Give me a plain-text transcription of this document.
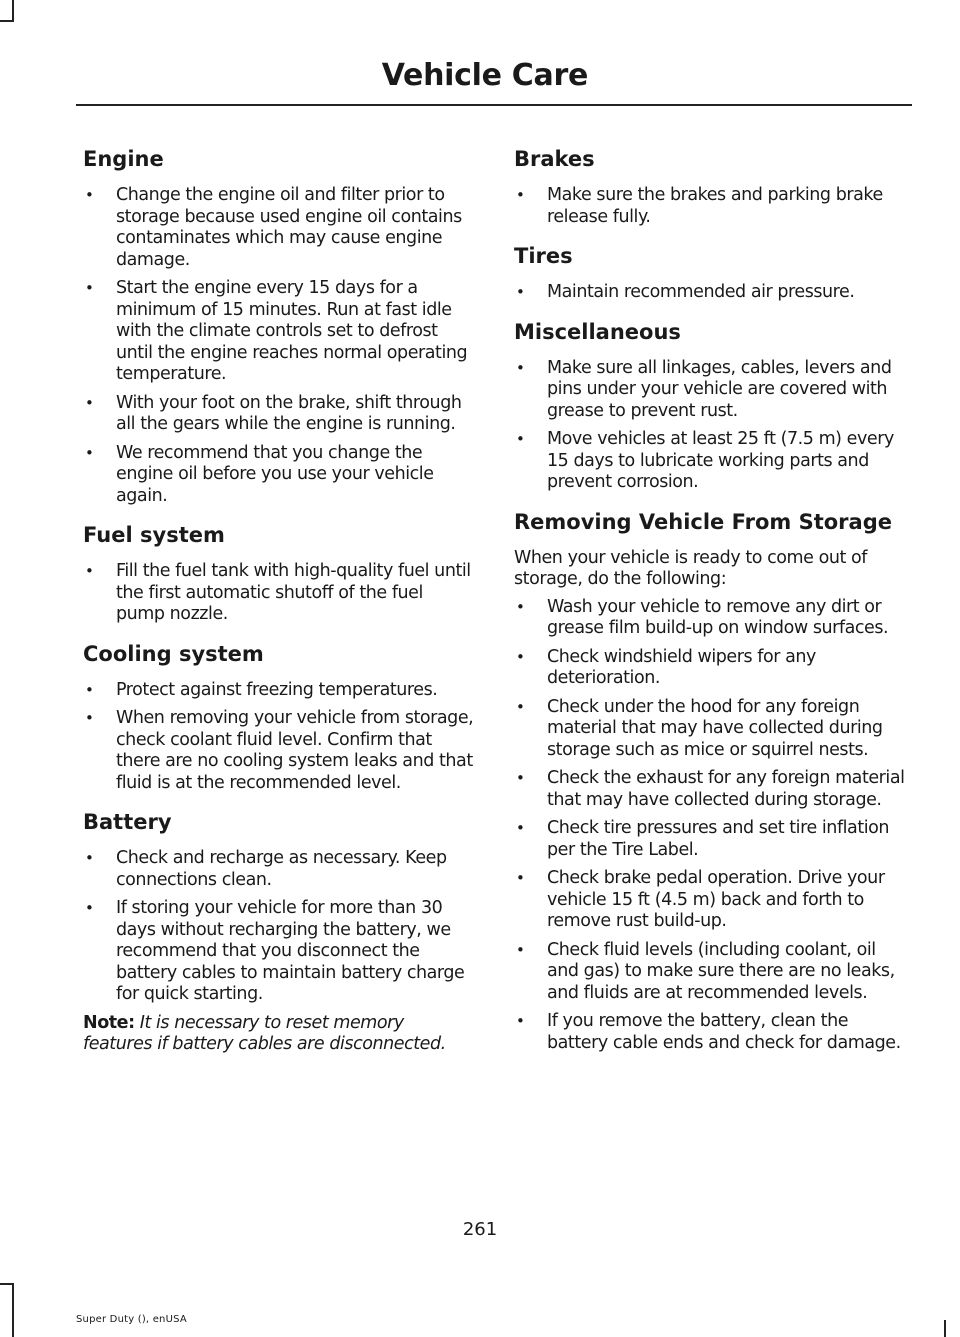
Vehicle Care
Engine
• Change the engine oil and filter prior to storage because used engine oil contains contaminates which may cause engine damage.
• Start the engine every 15 days for a minimum of 15 minutes. Run at fast idle with the climate controls set to defrost until the engine reaches normal operating temperature.
• With your foot on the brake, shift through all the gears while the engine is running.
• We recommend that you change the engine oil before you use your vehicle again.
Fuel system
• Fill the fuel tank with high-quality fuel until the first automatic shutoff of the fuel pump nozzle.
Cooling system
• Protect against freezing temperatures.
• When removing your vehicle from storage, check coolant fluid level. Confirm that there are no cooling system leaks and that fluid is at the recommended level.
Battery
• Check and recharge as necessary. Keep connections clean.
• If storing your vehicle for more than 30 days without recharging the battery, we recommend that you disconnect the battery cables to maintain battery charge for quick starting.

Note: It is necessary to reset memory features if battery cables are disconnected.

Brakes
• Make sure the brakes and parking brake release fully.
Tires
• Maintain recommended air pressure.
Miscellaneous
• Make sure all linkages, cables, levers and pins under your vehicle are covered with grease to prevent rust.
• Move vehicles at least 25 ft (7.5 m) every 15 days to lubricate working parts and prevent corrosion.
Removing Vehicle From Storage

When your vehicle is ready to come out of storage, do the following:

• Wash your vehicle to remove any dirt or grease film build-up on window surfaces.
• Check windshield wipers for any deterioration.
• Check under the hood for any foreign material that may have collected during storage such as mice or squirrel nests.
• Check the exhaust for any foreign material that may have collected during storage.
• Check tire pressures and set tire inflation per the Tire Label.
• Check brake pedal operation. Drive your vehicle 15 ft (4.5 m) back and forth to remove rust build-up.
• Check fluid levels (including coolant, oil and gas) to make sure there are no leaks, and fluids are at recommended levels.
• If you remove the battery, clean the battery cable ends and check for damage.
261
Super Duty (), enUSA
